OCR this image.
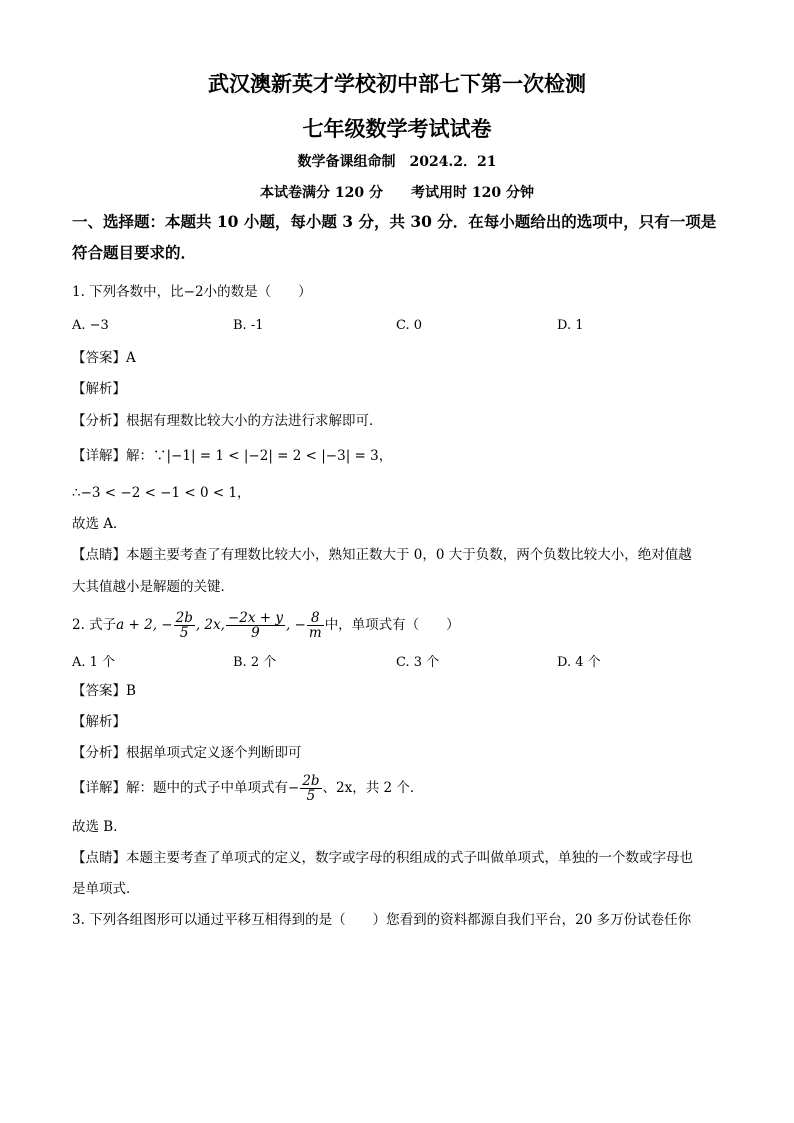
武汉澳新英才学校初中部七下第一次检测
七年级数学考试试卷
数学备课组命制　2024.2．21
本试卷满分 120 分　　考试用时 120 分钟
一、选择题：本题共 10 小题，每小题 3 分，共 30 分．在每小题给出的选项中，只有一项是
符合题目要求的．
1. 下列各数中，比−2小的数是（　　）
A. −3	B. -1	C. 0	D. 1
【答案】A
【解析】
【分析】根据有理数比较大小的方法进行求解即可．
【详解】解：∵|−1| = 1 < |−2| = 2 < |−3| = 3，
∴−3 < −2 < −1 < 0 < 1，
故选 A．
【点睛】本题主要考查了有理数比较大小，熟知正数大于 0，0 大于负数，两个负数比较大小，绝对值越
大其值越小是解题的关键．
2. 式子a + 2, − $\frac{2b}{5}$ , 2x, $\frac{-2x + y}{9}$ , − $\frac{8}{m}$ 中，单项式有（　　）
A. 1 个	B. 2 个	C. 3 个	D. 4 个
【答案】B
【解析】
【分析】根据单项式定义逐个判断即可
【详解】解：题中的式子中单项式有− $\frac{2b}{5}$ 、2x，共 2 个．
故选 B．
【点睛】本题主要考查了单项式的定义，数字或字母的积组成的式子叫做单项式，单独的一个数或字母也
是单项式．
3. 下列各组图形可以通过平移互相得到的是（　　）您看到的资料都源自我们平台，20 多万份试卷任你
